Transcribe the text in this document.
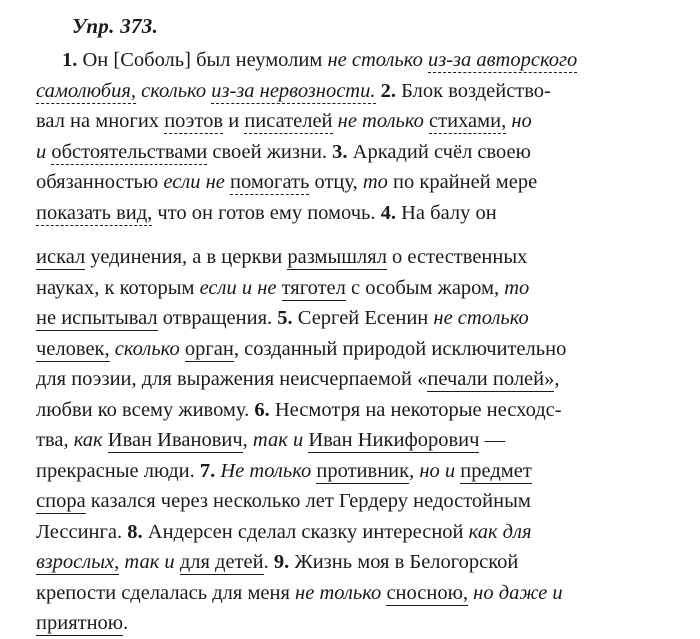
Упр. 373.
1. Он [Соболь] был неумолим не столько из-за авторского
самолюбия, сколько из-за нервозности. 2. Блок воздейство-
вал на многих поэтов и писателей не только стихами, но
и обстоятельствами своей жизни. 3. Аркадий счёл своею
обязанностью если не помогать отцу, то по крайней мере
показать вид, что он готов ему помочь. 4. На балу он
искал уединения, а в церкви размышлял о естественных
науках, к которым если и не тяготел с особым жаром, то
не испытывал отвращения. 5. Сергей Есенин не столько
человек, сколько орган, созданный природой исключительно
для поэзии, для выражения неисчерпаемой «печали полей»,
любви ко всему живому. 6. Несмотря на некоторые несходс-
тва, как Иван Иванович, так и Иван Никифорович —
прекрасные люди. 7. Не только противник, но и предмет
спора казался через несколько лет Гердеру недостойным
Лессинга. 8. Андерсен сделал сказку интересной как для
взрослых, так и для детей. 9. Жизнь моя в Белогорской
крепости сделалась для меня не только сносною, но даже и
приятною.
